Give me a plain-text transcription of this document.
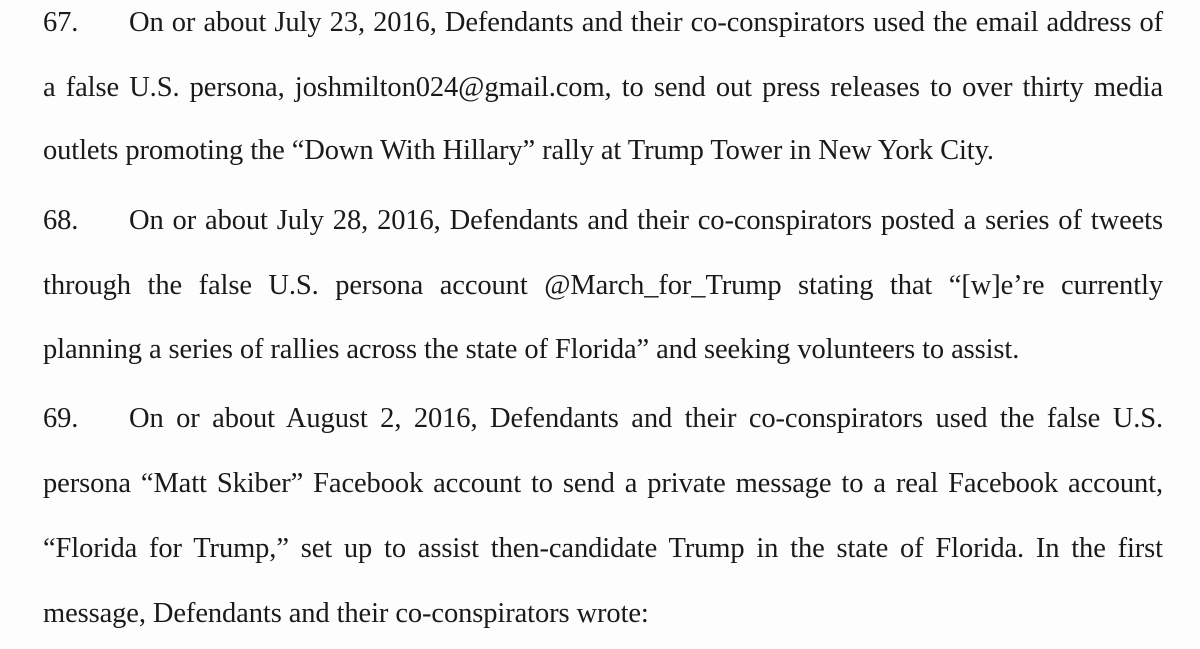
67.	On or about July 23, 2016, Defendants and their co-conspirators used the email address of
a false U.S. persona, joshmilton024@gmail.com, to send out press releases to over thirty media
outlets promoting the “Down With Hillary” rally at Trump Tower in New York City.
68.	On or about July 28, 2016, Defendants and their co-conspirators posted a series of tweets
through the false U.S. persona account @March_for_Trump stating that “[w]e’re currently
planning a series of rallies across the state of Florida” and seeking volunteers to assist.
69.	On or about August 2, 2016, Defendants and their co-conspirators used the false U.S.
persona “Matt Skiber” Facebook account to send a private message to a real Facebook account,
“Florida for Trump,” set up to assist then-candidate Trump in the state of Florida. In the first
message, Defendants and their co-conspirators wrote:
